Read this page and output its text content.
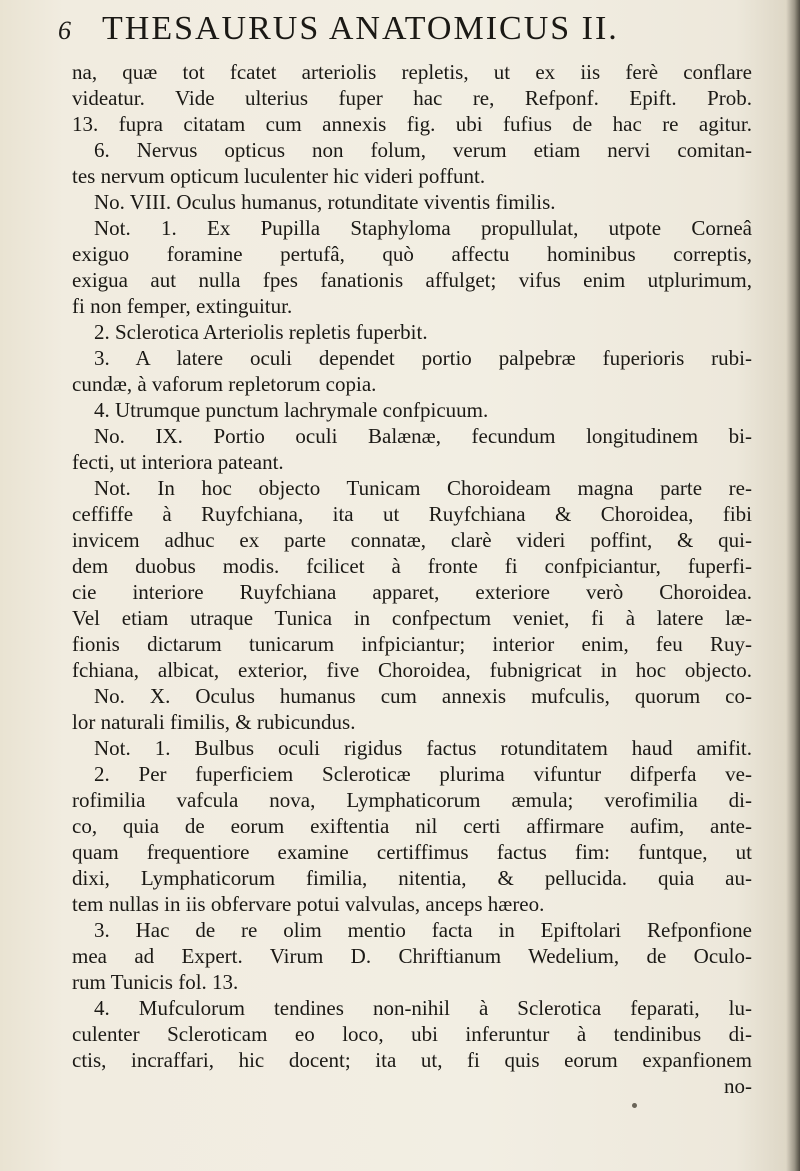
6 THESAURUS ANATOMICUS II.
na, quæ tot fcatet arteriolis repletis, ut ex iis ferè conflare
videatur. Vide ulterius fuper hac re, Refponf. Epift. Prob.
13. fupra citatam cum annexis fig. ubi fufius de hac re agitur.
6. Nervus opticus non folum, verum etiam nervi comitan-
tes nervum opticum luculenter hic videri poffunt.
No. VIII. Oculus humanus, rotunditate viventis fimilis.
Not. 1. Ex Pupilla Staphyloma propullulat, utpote Corneâ
exiguo foramine pertufâ, quò affectu hominibus correptis,
exigua aut nulla fpes fanationis affulget; vifus enim utplurimum,
fi non femper, extinguitur.
2. Sclerotica Arteriolis repletis fuperbit.
3. A latere oculi dependet portio palpebræ fuperioris rubi-
cundæ, à vaforum repletorum copia.
4. Utrumque punctum lachrymale confpicuum.
No. IX. Portio oculi Balænæ, fecundum longitudinem bi-
fecti, ut interiora pateant.
Not. In hoc objecto Tunicam Choroideam magna parte re-
ceffiffe à Ruyfchiana, ita ut Ruyfchiana & Choroidea, fibi
invicem adhuc ex parte connatæ, clarè videri poffint, & qui-
dem duobus modis. fcilicet à fronte fi confpiciantur, fuperfi-
cie interiore Ruyfchiana apparet, exteriore verò Choroidea.
Vel etiam utraque Tunica in confpectum veniet, fi à latere læ-
fionis dictarum tunicarum infpiciantur; interior enim, feu Ruy-
fchiana, albicat, exterior, five Choroidea, fubnigricat in hoc objecto.
No. X. Oculus humanus cum annexis mufculis, quorum co-
lor naturali fimilis, & rubicundus.
Not. 1. Bulbus oculi rigidus factus rotunditatem haud amifit.
2. Per fuperficiem Scleroticæ plurima vifuntur difperfa ve-
rofimilia vafcula nova, Lymphaticorum æmula; verofimilia di-
co, quia de eorum exiftentia nil certi affirmare aufim, ante-
quam frequentiore examine certiffimus factus fim: funtque, ut
dixi, Lymphaticorum fimilia, nitentia, & pellucida. quia au-
tem nullas in iis obfervare potui valvulas, anceps hæreo.
3. Hac de re olim mentio facta in Epiftolari Refponfione
mea ad Expert. Virum D. Chriftianum Wedelium, de Oculo-
rum Tunicis fol. 13.
4. Mufculorum tendines non-nihil à Sclerotica feparati, lu-
culenter Scleroticam eo loco, ubi inferuntur à tendinibus di-
ctis, incraffari, hic docent; ita ut, fi quis eorum expanfionem
no-
